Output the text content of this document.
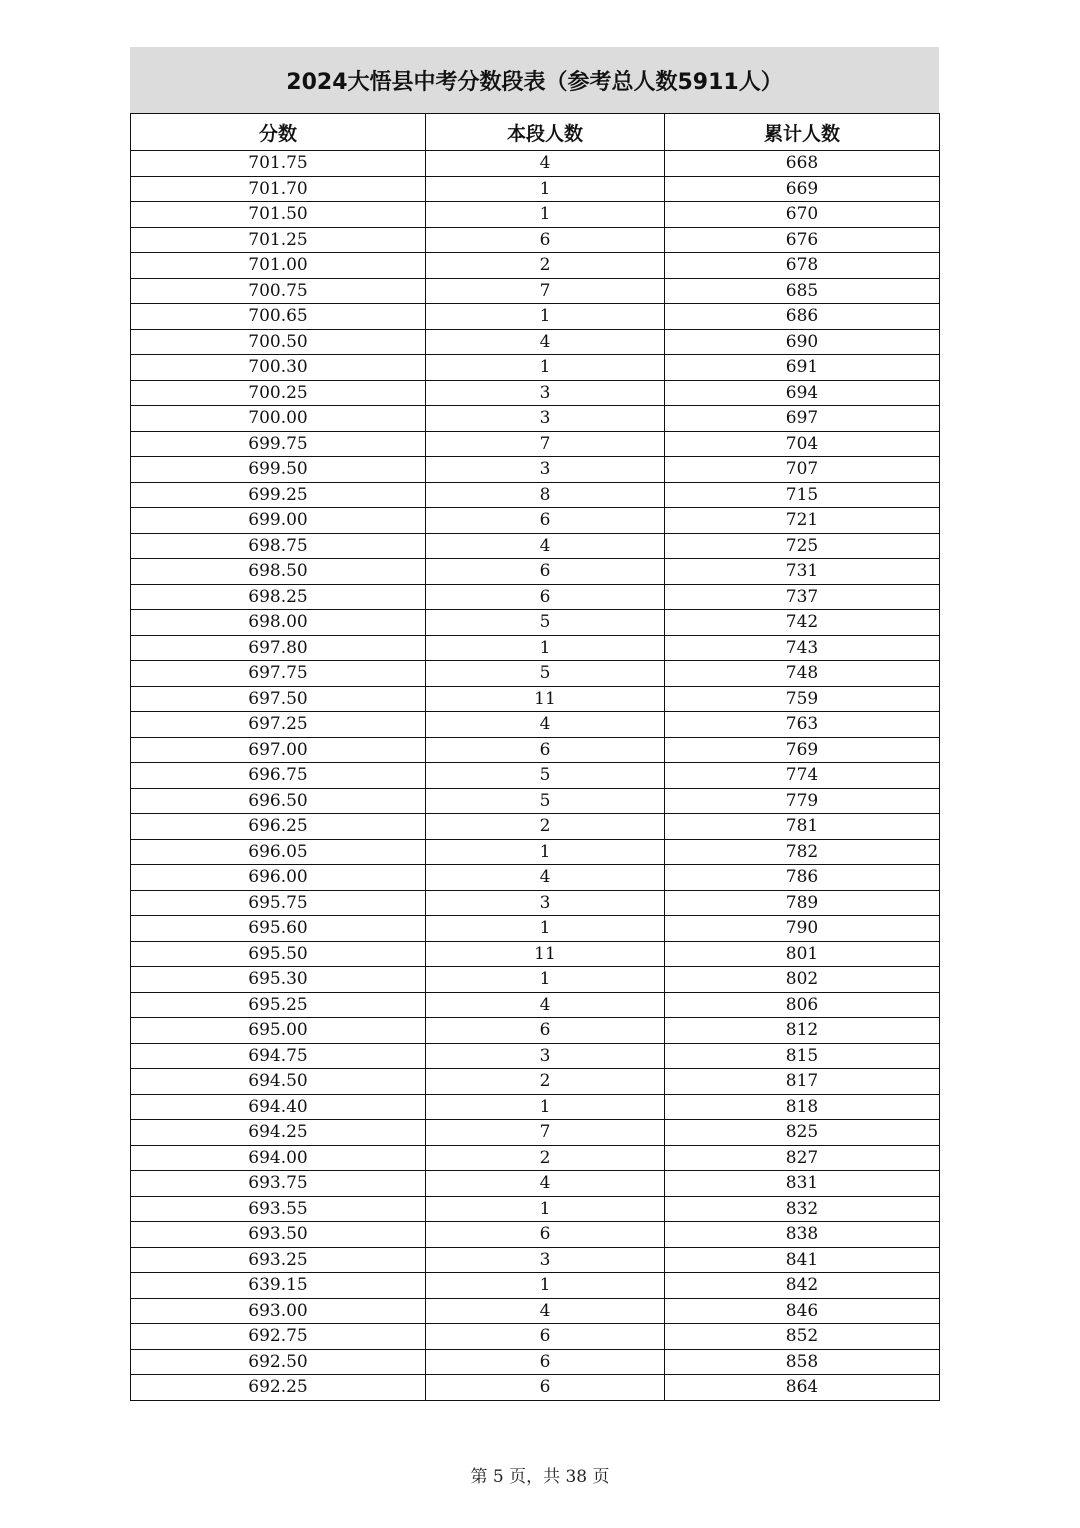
2024大悟县中考分数段表（参考总人数5911人）
分数	本段人数	累计人数
701.75	4	668
701.70	1	669
701.50	1	670
701.25	6	676
701.00	2	678
700.75	7	685
700.65	1	686
700.50	4	690
700.30	1	691
700.25	3	694
700.00	3	697
699.75	7	704
699.50	3	707
699.25	8	715
699.00	6	721
698.75	4	725
698.50	6	731
698.25	6	737
698.00	5	742
697.80	1	743
697.75	5	748
697.50	11	759
697.25	4	763
697.00	6	769
696.75	5	774
696.50	5	779
696.25	2	781
696.05	1	782
696.00	4	786
695.75	3	789
695.60	1	790
695.50	11	801
695.30	1	802
695.25	4	806
695.00	6	812
694.75	3	815
694.50	2	817
694.40	1	818
694.25	7	825
694.00	2	827
693.75	4	831
693.55	1	832
693.50	6	838
693.25	3	841
639.15	1	842
693.00	4	846
692.75	6	852
692.50	6	858
692.25	6	864
第 5 页，共 38 页
